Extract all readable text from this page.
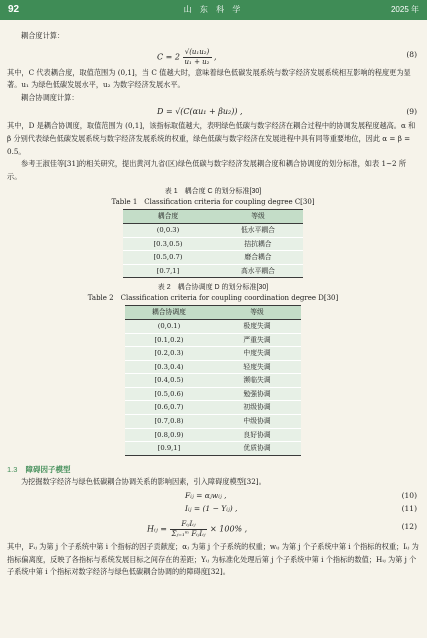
92	山 东 科 学	2025 年

耦合度计算：

$C = 2 \frac{\text{√(u₁u₂)}}{\text{u₁ + u₂}}$ ,	(8)

其中，C 代表耦合度，取值范围为 (0,1]，当 C 值越大时，意味着绿色低碳发展系统与数字经济发展系统相互影响的程度更为显著。u₁ 为绿色低碳发展水平，u₂ 为数字经济发展水平。

耦合协调度计算：

D = √(C(αu₁ + βu₂)) ,	(9)

其中，D 是耦合协调度，取值范围为 (0,1]，该指标取值越大，表明绿色低碳与数字经济在耦合过程中的协调发展程度越高。α 和 β 分别代表绿色低碳发展系统与数字经济发展系统的权重，绿色低碳与数字经济在发展进程中具有同等重要地位，因此 α = β = 0.5。

参考王淑佳等[31]的相关研究，提出黄河九省(区)绿色低碳与数字经济发展耦合度和耦合协调度的划分标准，如表 1~2 所示。

表 1　耦合度 C 的划分标准[30]
Table 1　Classification criteria for coupling degree C[30]
耦合度	等级
(0,0.3)	低水平耦合
[0.3,0.5)	拮抗耦合
[0.5,0.7)	磨合耦合
[0.7,1]	高水平耦合
表 2　耦合协调度 D 的划分标准[30]
Table 2　Classification criteria for coupling coordination degree D[30]
耦合协调度	等级
(0,0.1)	极度失调
[0.1,0.2)	严重失调
[0.2,0.3)	中度失调
[0.3,0.4)	轻度失调
[0.4,0.5)	濒临失调
[0.5,0.6)	勉强协调
[0.6,0.7)	初级协调
[0.7,0.8)	中级协调
[0.8,0.9)	良好协调
[0.9,1]	优质协调
1.3 障碍因子模型

为挖掘数字经济与绿色低碳耦合协调关系的影响因素，引入障碍度模型[32]。

Fᵢⱼ = αⱼwᵢⱼ ,	(10)
Iᵢⱼ = (1 − Yᵢⱼ) ,	(11)
Hᵢⱼ = $\frac{\text{FᵢⱼIᵢⱼ}}{\text{Σⱼ₌₁ᵐ FᵢⱼIᵢⱼ}} \times 100\%$ ,	(12)

其中，Fᵢⱼ 为第 j 个子系统中第 i 个指标的因子贡献度；αⱼ 为第 j 个子系统的权重；wᵢⱼ 为第 j 个子系统中第 i 个指标的权重；Iᵢⱼ 为指标偏离度，反映了各指标与系统发展目标之间存在的差距；Yᵢⱼ 为标准化处理后第 j 个子系统中第 i 个指标的数值；Hᵢⱼ 为第 j 个子系统中第 i 个指标对数字经济与绿色低碳耦合协调的的障碍度[32]。
